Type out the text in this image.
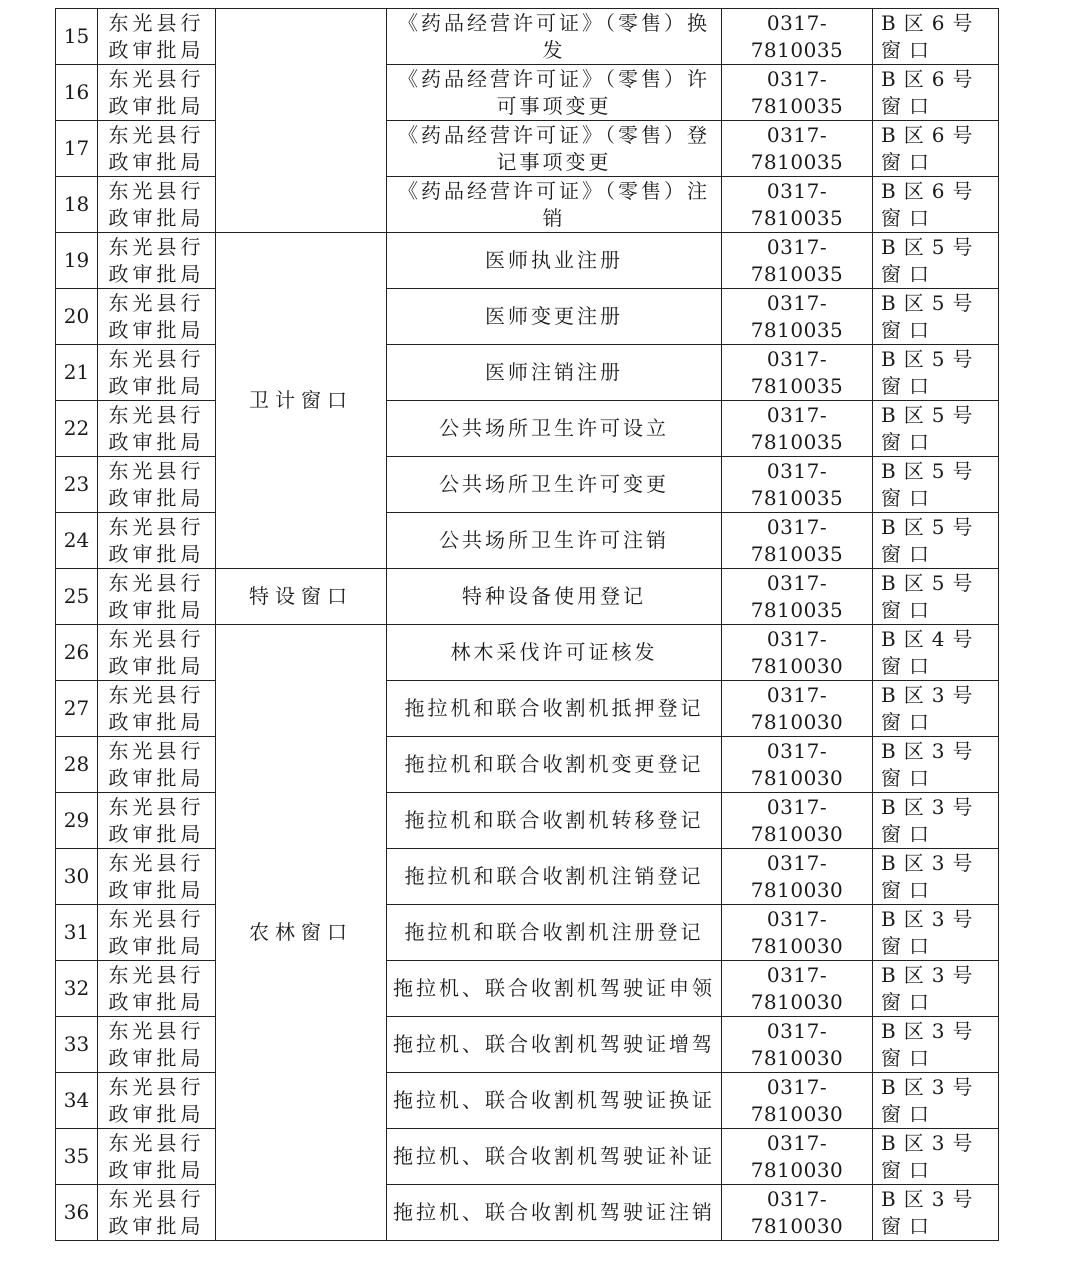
15	东光县行政审批局		《药品经营许可证》（零售）换发	0317-7810035	B区6号窗口
16	东光县行政审批局		《药品经营许可证》（零售）许可事项变更	0317-7810035	B区6号窗口
17	东光县行政审批局		《药品经营许可证》（零售）登记事项变更	0317-7810035	B区6号窗口
18	东光县行政审批局		《药品经营许可证》（零售）注销	0317-7810035	B区6号窗口
19	东光县行政审批局	卫计窗口	医师执业注册	0317-7810035	B区5号窗口
20	东光县行政审批局		医师变更注册	0317-7810035	B区5号窗口
21	东光县行政审批局		医师注销注册	0317-7810035	B区5号窗口
22	东光县行政审批局		公共场所卫生许可设立	0317-7810035	B区5号窗口
23	东光县行政审批局		公共场所卫生许可变更	0317-7810035	B区5号窗口
24	东光县行政审批局		公共场所卫生许可注销	0317-7810035	B区5号窗口
25	东光县行政审批局	特设窗口	特种设备使用登记	0317-7810035	B区5号窗口
26	东光县行政审批局	农林窗口	林木采伐许可证核发	0317-7810030	B区4号窗口
27	东光县行政审批局		拖拉机和联合收割机抵押登记	0317-7810030	B区3号窗口
28	东光县行政审批局		拖拉机和联合收割机变更登记	0317-7810030	B区3号窗口
29	东光县行政审批局		拖拉机和联合收割机转移登记	0317-7810030	B区3号窗口
30	东光县行政审批局		拖拉机和联合收割机注销登记	0317-7810030	B区3号窗口
31	东光县行政审批局		拖拉机和联合收割机注册登记	0317-7810030	B区3号窗口
32	东光县行政审批局		拖拉机、联合收割机驾驶证申领	0317-7810030	B区3号窗口
33	东光县行政审批局		拖拉机、联合收割机驾驶证增驾	0317-7810030	B区3号窗口
34	东光县行政审批局		拖拉机、联合收割机驾驶证换证	0317-7810030	B区3号窗口
35	东光县行政审批局		拖拉机、联合收割机驾驶证补证	0317-7810030	B区3号窗口
36	东光县行政审批局		拖拉机、联合收割机驾驶证注销	0317-7810030	B区3号窗口
